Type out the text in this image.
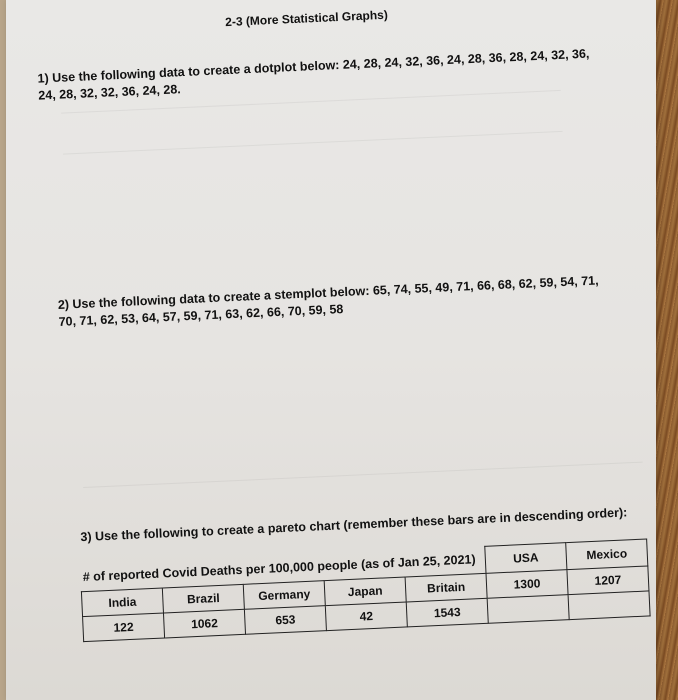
2-3 (More Statistical Graphs)
1) Use the following data to create a dotplot below: 24, 28, 24, 32, 36, 24, 28, 36, 28, 24, 32, 36, 24, 28, 32, 32, 36, 24, 28.
2) Use the following data to create a stemplot below: 65, 74, 55, 49, 71, 66, 68, 62, 59, 54, 71, 70, 71, 62, 53, 64, 57, 59, 71, 63, 62, 66, 70, 59, 58
3) Use the following to create a pareto chart (remember these bars are in descending order):
# of reported Covid Deaths per 100,000 people (as of Jan 25, 2021)					USA	Mexico
India	Brazil	Germany	Japan	Britain	1300	1207
122	1062	653	42	1543		
